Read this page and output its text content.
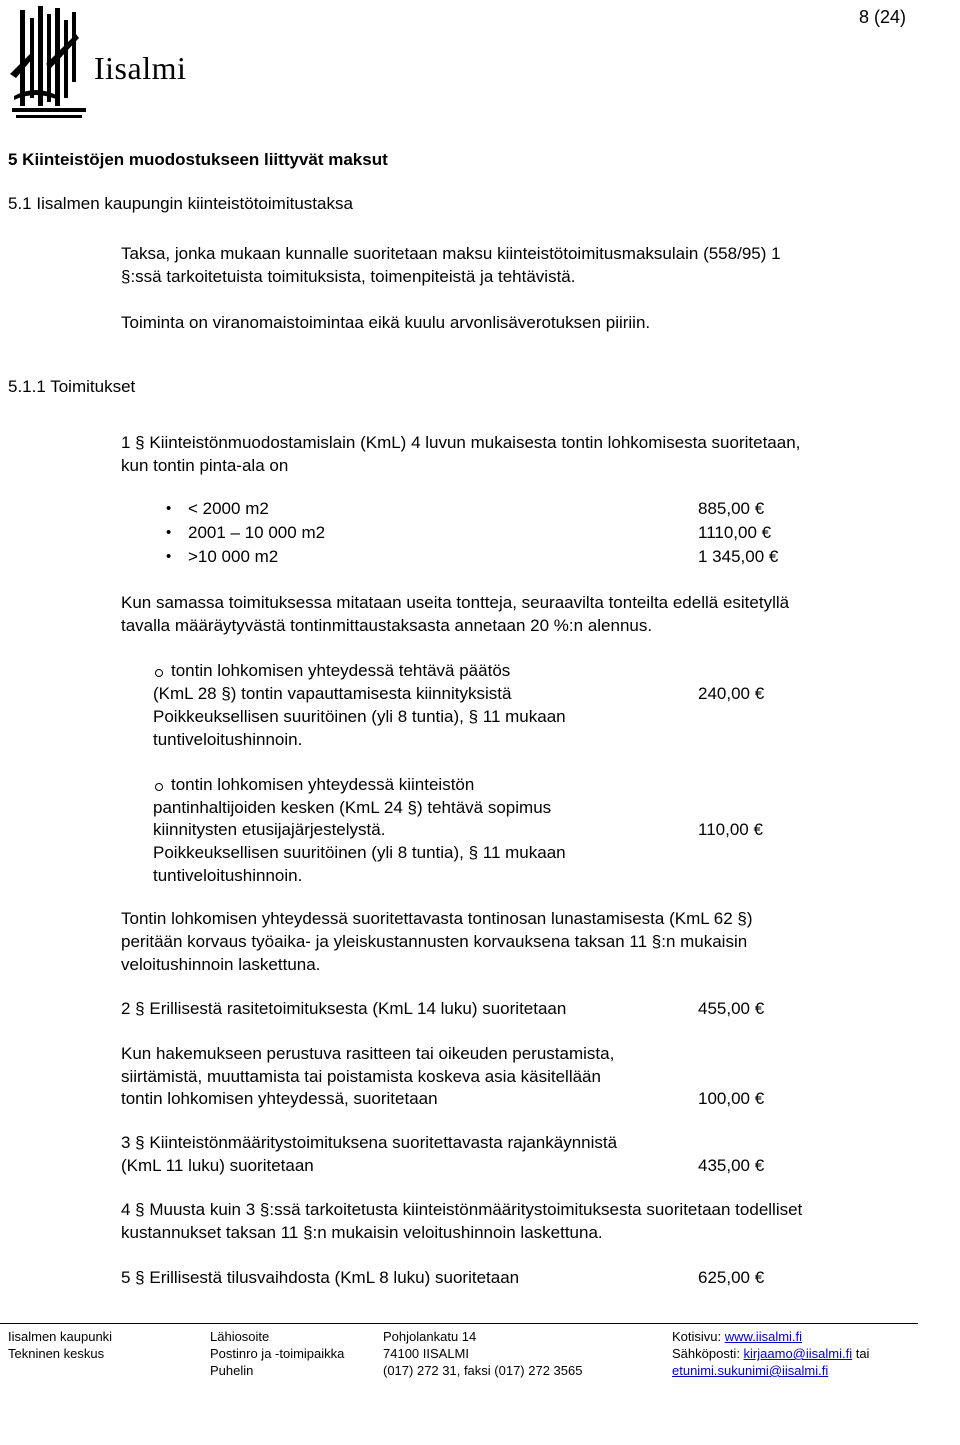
Iisalmi
8 (24)
5 Kiinteistöjen muodostukseen liittyvät maksut
5.1 Iisalmen kaupungin kiinteistötoimitustaksa
Taksa, jonka mukaan kunnalle suoritetaan maksu kiinteistötoimitusmaksulain (558/95) 1
§:ssä tarkoitetuista toimituksista, toimenpiteistä ja tehtävistä.
Toiminta on viranomaistoimintaa eikä kuulu arvonlisäverotuksen piiriin.
5.1.1 Toimitukset
1 § Kiinteistönmuodostamislain (KmL) 4 luvun mukaisesta tontin lohkomisesta suoritetaan,
kun tontin pinta-ala on
• < 2000 m2	885,00 €
• 2001 – 10 000 m2	1110,00 €
• >10 000 m2	1 345,00 €
Kun samassa toimituksessa mitataan useita tontteja, seuraavilta tonteilta edellä esitetyllä
tavalla määräytyvästä tontinmittaustaksasta annetaan 20 %:n alennus.
tontin lohkomisen yhteydessä tehtävä päätös
(KmL 28 §) tontin vapauttamisesta kiinnityksistä	240,00 €
Poikkeuksellisen suuritöinen (yli 8 tuntia), § 11 mukaan
tuntiveloitushinnoin.
tontin lohkomisen yhteydessä kiinteistön
pantinhaltijoiden kesken (KmL 24 §) tehtävä sopimus
kiinnitysten etusijajärjestelystä.	110,00 €
Poikkeuksellisen suuritöinen (yli 8 tuntia), § 11 mukaan
tuntiveloitushinnoin.
Tontin lohkomisen yhteydessä suoritettavasta tontinosan lunastamisesta (KmL 62 §)
peritään korvaus työaika- ja yleiskustannusten korvauksena taksan 11 §:n mukaisin
veloitushinnoin laskettuna.
2 § Erillisestä rasitetoimituksesta (KmL 14 luku) suoritetaan	455,00 €
Kun hakemukseen perustuva rasitteen tai oikeuden perustamista,
siirtämistä, muuttamista tai poistamista koskeva asia käsitellään
tontin lohkomisen yhteydessä, suoritetaan	100,00 €
3 § Kiinteistönmääritystoimituksena suoritettavasta rajankäynnistä
(KmL 11 luku) suoritetaan	435,00 €
4 § Muusta kuin 3 §:ssä tarkoitetusta kiinteistönmääritystoimituksesta suoritetaan todelliset
kustannukset taksan 11 §:n mukaisin veloitushinnoin laskettuna.
5 § Erillisestä tilusvaihdosta (KmL 8 luku) suoritetaan	625,00 €
Iisalmen kaupunki
Tekninen keskus
Lähiosoite
Postinro ja -toimipaikka
Puhelin
Pohjolankatu 14
74100 IISALMI
(017) 272 31, faksi (017) 272 3565
Kotisivu: www.iisalmi.fi
Sähköposti: kirjaamo@iisalmi.fi tai
etunimi.sukunimi@iisalmi.fi
